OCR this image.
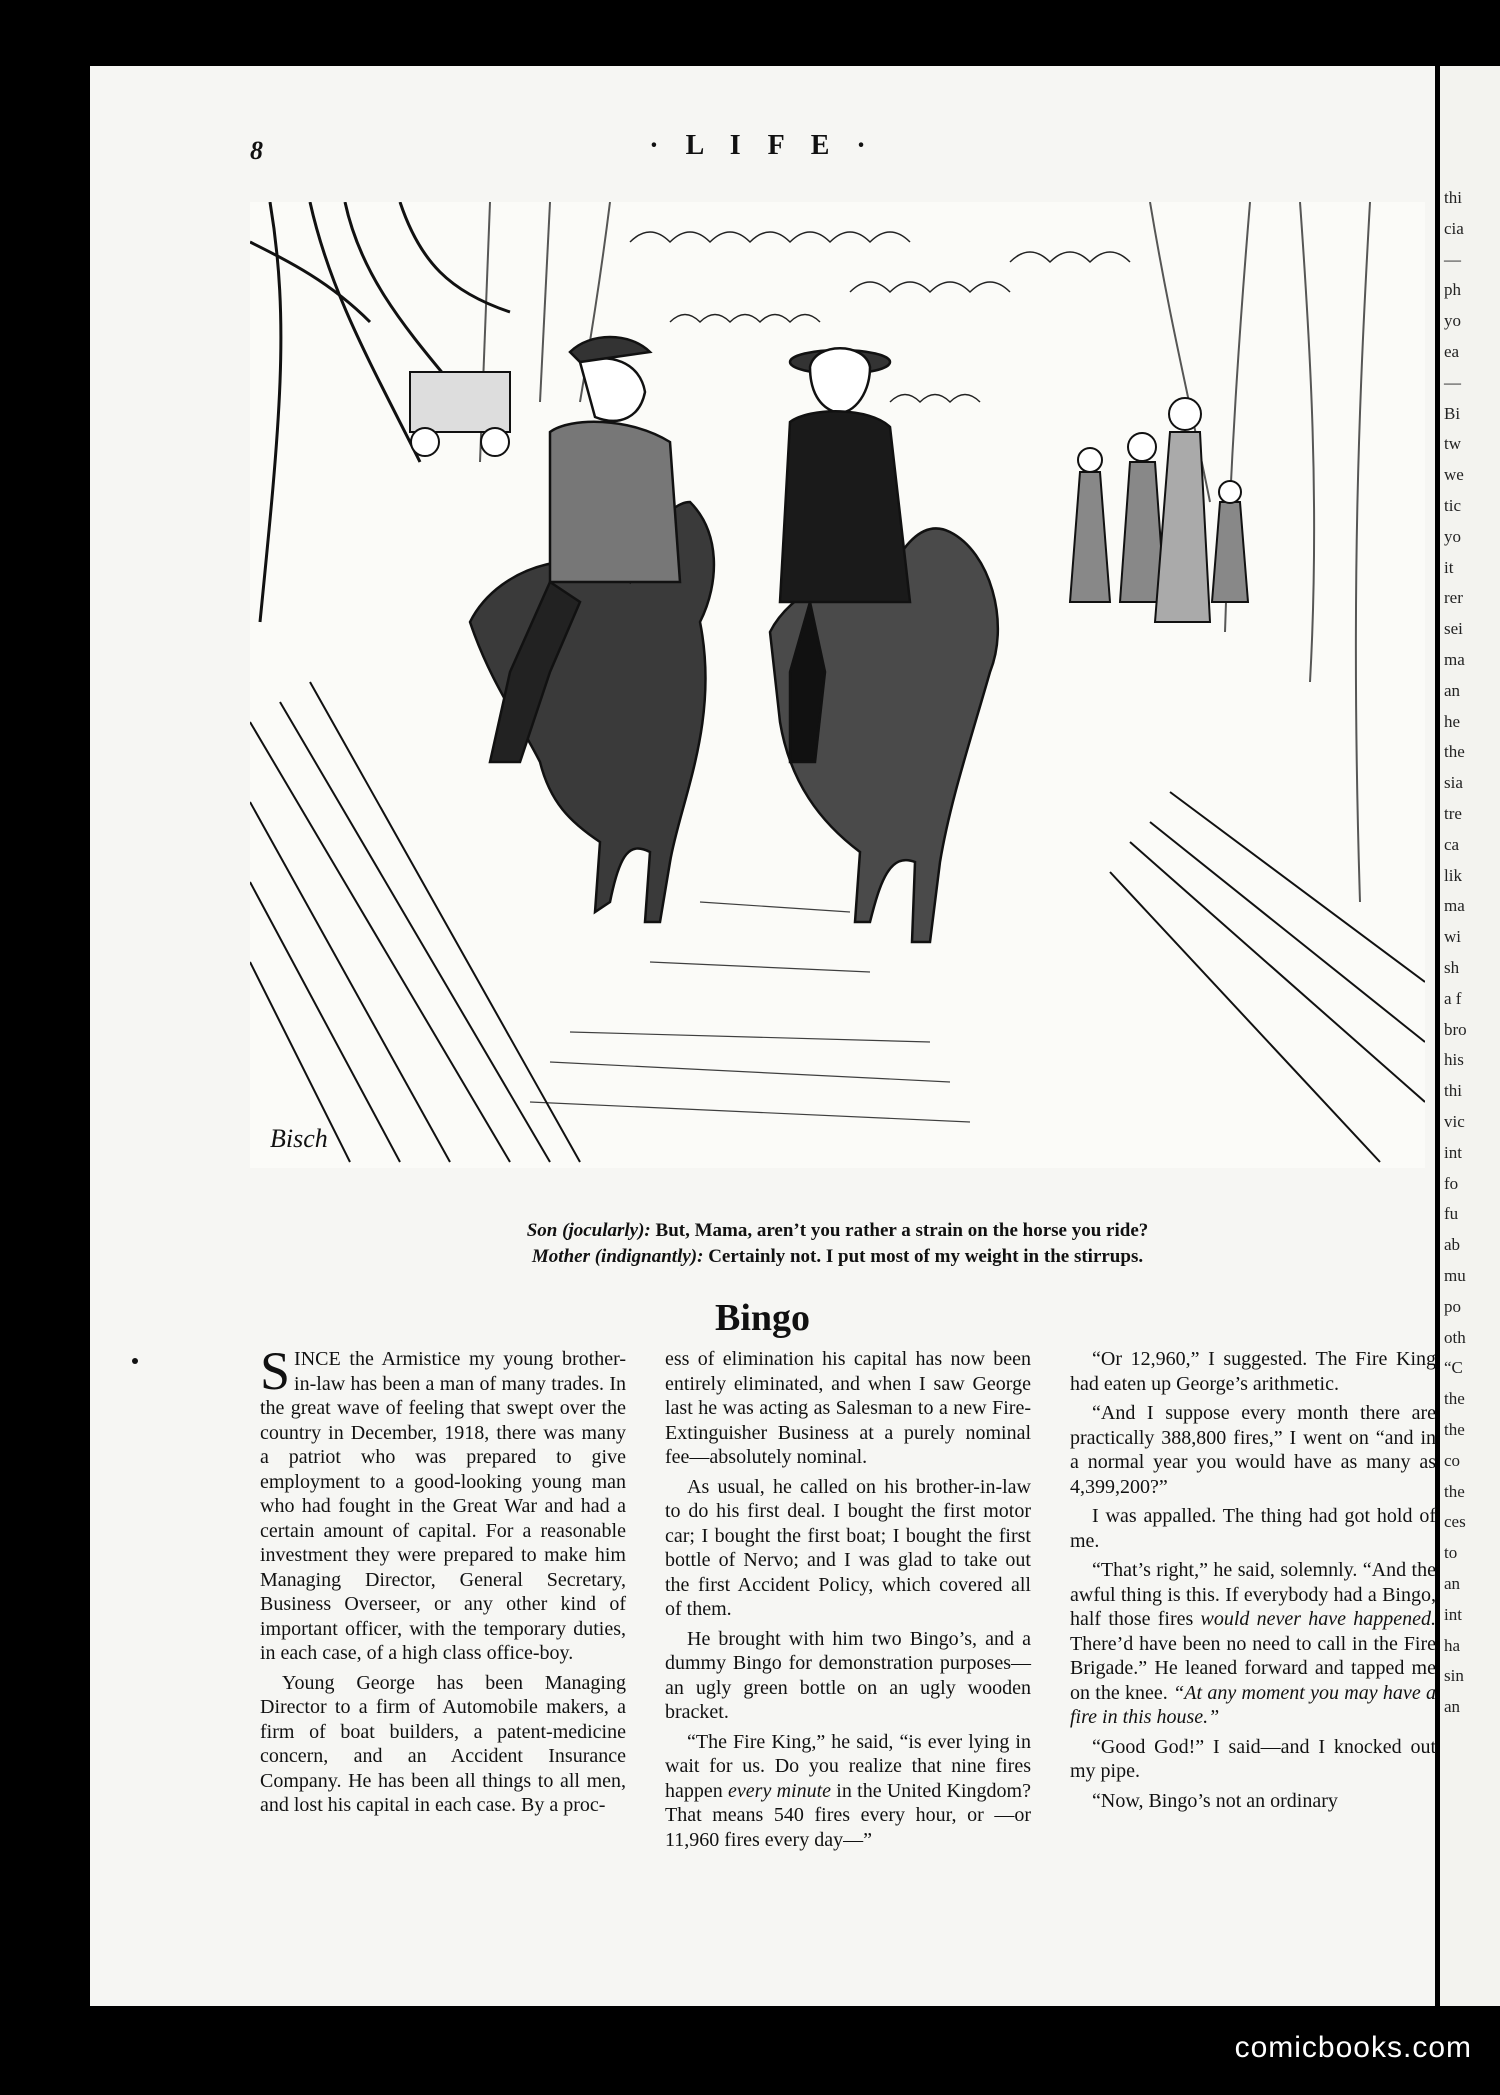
8	· L I F E ·
Bisch
Son (jocularly): But, Mama, aren’t you rather a strain on the horse you ride?
Mother (indignantly): Certainly not. I put most of my weight in the stirrups.
Bingo

SINCE the Armistice my young brother-in-law has been a man of many trades. In the great wave of feeling that swept over the country in December, 1918, there was many a patriot who was prepared to give employment to a good-looking young man who had fought in the Great War and had a certain amount of capital. For a reasonable investment they were prepared to make him Managing Director, General Secretary, Business Overseer, or any other kind of important officer, with the temporary duties, in each case, of a high class office-boy.

Young George has been Managing Director to a firm of Automobile makers, a firm of boat builders, a patent-medicine concern, and an Accident Insurance Company. He has been all things to all men, and lost his capital in each case. By a proc-

ess of elimination his capital has now been entirely eliminated, and when I saw George last he was acting as Salesman to a new Fire-Extinguisher Business at a purely nominal fee—absolutely nominal.

As usual, he called on his brother-in-law to do his first deal. I bought the first motor car; I bought the first boat; I bought the first bottle of Nervo; and I was glad to take out the first Accident Policy, which covered all of them.

He brought with him two Bingo’s, and a dummy Bingo for demonstration purposes—an ugly green bottle on an ugly wooden bracket.

“The Fire King,” he said, “is ever lying in wait for us. Do you realize that nine fires happen every minute in the United Kingdom? That means 540 fires every hour, or —or 11,960 fires every day—”

“Or 12,960,” I suggested. The Fire King had eaten up George’s arithmetic.

“And I suppose every month there are practically 388,800 fires,” I went on “and in a normal year you would have as many as 4,399,200?”

I was appalled. The thing had got hold of me.

“That’s right,” he said, solemnly. “And the awful thing is this. If everybody had a Bingo, half those fires would never have happened. There’d have been no need to call in the Fire Brigade.” He leaned forward and tapped me on the knee. “At any moment you may have a fire in this house.”

“Good God!” I said—and I knocked out my pipe.

“Now, Bingo’s not an ordinary

thi
cia
—
ph
yo
ea
—
Bi
tw
we
tic
yo
it
rer
sei
ma
an
he
the
sia
tre
ca
lik
ma
wi
sh
a f
bro
his
thi
vic
int
fo
fu
ab
mu
po
oth
“C
the
the
co
the
ces
to
an
int
ha
sin
an
comicbooks.com
